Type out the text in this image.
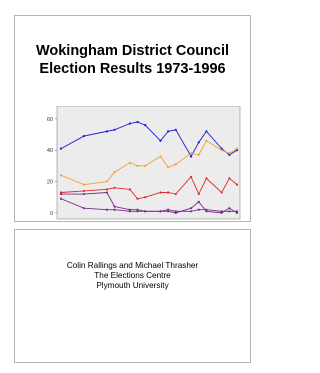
Wokingham District Council
Election Results 1973-1996
0
20
40
60
Colin Rallings and Michael Thrasher
The Elections Centre
Plymouth University
